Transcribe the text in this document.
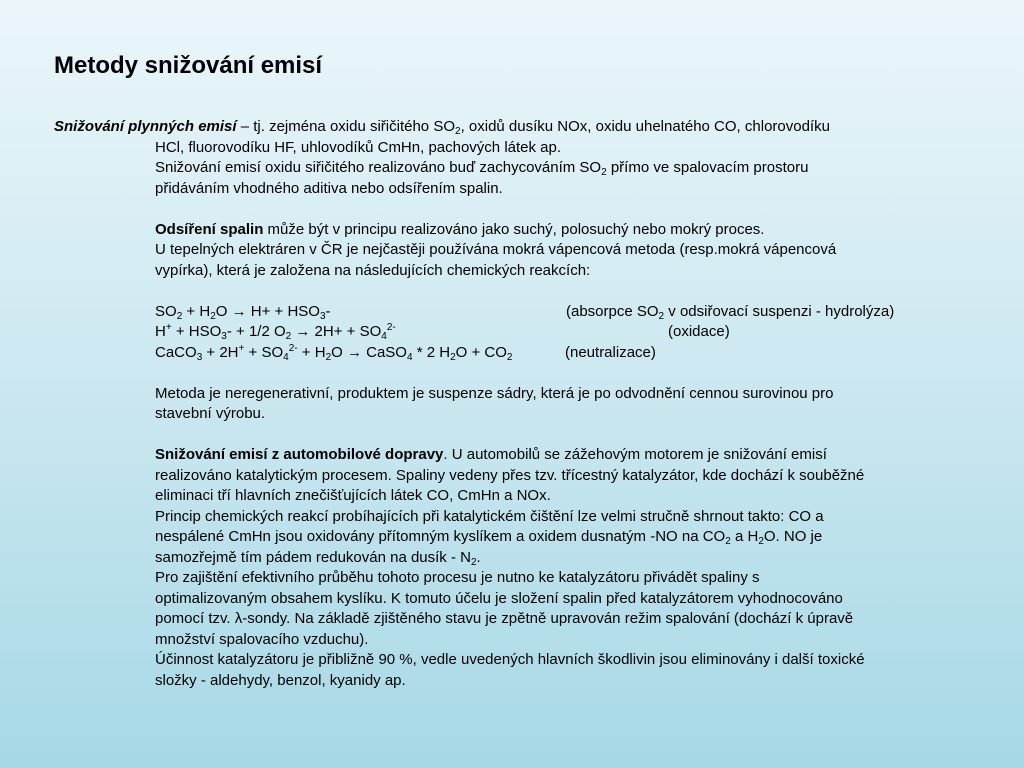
Metody snižování emisí
Snižování plynných emisí – tj. zejména oxidu siřičitého $SO_2$, oxidů dusíku NOx, oxidu uhelnatého CO, chlorovodíku
HCl, fluorovodíku HF, uhlovodíků CmHn, pachových látek ap.
Snižování emisí oxidu siřičitého realizováno buď zachycováním $SO_2$ přímo ve spalovacím prostoru
přidáváním vhodného aditiva nebo odsířením spalin.
Odsíření spalin může být v principu realizováno jako suchý, polosuchý nebo mokrý proces.
U tepelných elektráren v ČR je nejčastěji používána mokrá vápencová metoda (resp.mokrá vápencová
vypírka), která je založena na následujících chemických reakcích:
$SO_2 + H_2O \to H+ + HSO_3-$	(absorpce $SO_2$ v odsiřovací suspenzi - hydrolýza)
$H^+ + HSO_3- + 1/2$ $O_2 \to 2H+ + SO_4^{2-}$	(oxidace)
CaCO$_3$ + $2H^+ + SO_4^{2-} + H_2O$ → CaSO$_4$ * 2 $H_2O + CO_2$	(neutralizace)
Metoda je neregenerativní, produktem je suspenze sádry, která je po odvodnění cennou surovinou pro
stavební výrobu.
Snižování emisí z automobilové dopravy. U automobilů se zážehovým motorem je snižování emisí
realizováno katalytickým procesem. Spaliny vedeny přes tzv. třícestný katalyzátor, kde dochází k souběžné
eliminaci tří hlavních znečišťujících látek CO, CmHn a NOx.
Princip chemických reakcí probíhajících při katalytickém čištění lze velmi stručně shrnout takto: CO a
nespálené CmHn jsou oxidovány přítomným kyslíkem a oxidem dusnatým -NO na $CO_2$ a $H_2O$. NO je
samozřejmě tím pádem redukován na dusík - $N_2$.
Pro zajištění efektivního průběhu tohoto procesu je nutno ke katalyzátoru přivádět spaliny s
optimalizovaným obsahem kyslíku. K tomuto účelu je složení spalin před katalyzátorem vyhodnocováno
pomocí tzv. λ-sondy. Na základě zjištěného stavu je zpětně upravován režim spalování (dochází k úpravě
množství spalovacího vzduchu).
Účinnost katalyzátoru je přibližně 90 %, vedle uvedených hlavních škodlivin jsou eliminovány i další toxické
složky - aldehydy, benzol, kyanidy ap.
